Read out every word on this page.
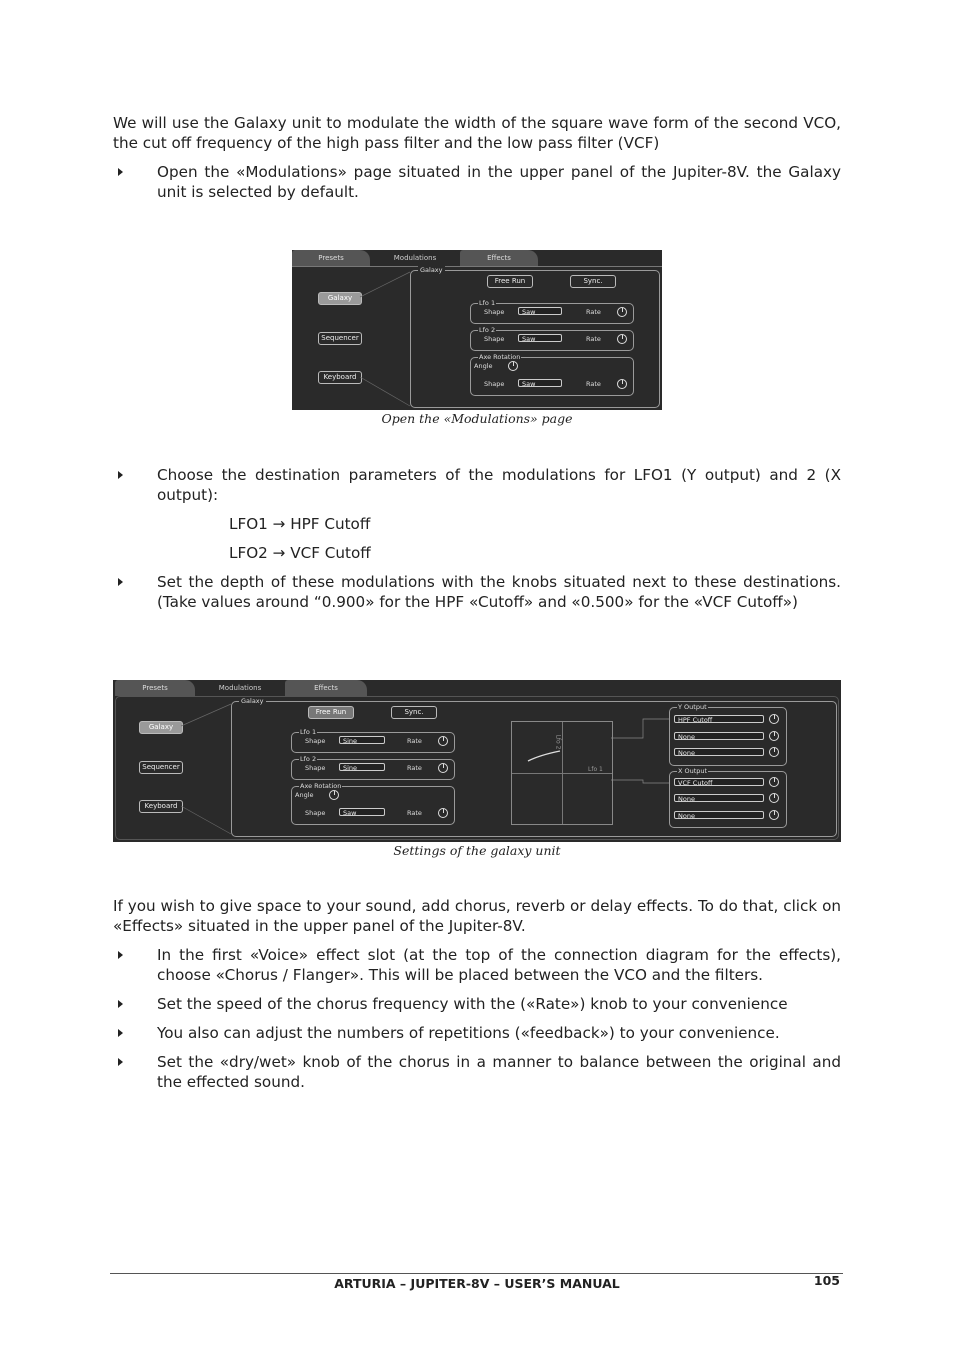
We will use the Galaxy unit to modulate the width of the square wave form of the second VCO, the cut off frequency of the high pass filter and the low pass filter (VCF)
Open the «Modulations» page situated in the upper panel of the Jupiter-8V. the Galaxy unit is selected by default.
Presets	Modulations	Effects
Galaxy
Galaxy
Sequencer
Keyboard
Free Run	Sync.
Lfo 1
Shape	Saw	Rate
Lfo 2
Shape	Saw	Rate
Axe Rotation
Angle
Shape	Saw	Rate
Open the «Modulations» page
Choose the destination parameters of the modulations for LFO1 (Y output) and 2 (X output):
LFO1 → HPF Cutoff
LFO2 → VCF Cutoff
Set the depth of these modulations with the knobs situated next to these destinations. (Take values around “0.900» for the HPF «Cutoff» and «0.500» for the «VCF Cutoff»)
Presets	Modulations	Effects
Galaxy
Galaxy
Sequencer
Keyboard
Free Run	Sync.
Lfo 1
Shape	Sine	Rate
Lfo 2
Shape	Sine	Rate
Axe Rotation
Angle
Shape	Saw	Rate
Lfo 2
Lfo 1
Y Output
HPF Cutoff
None
None
X Output
VCF Cutoff
None
None
Settings of the galaxy unit
If you wish to give space to your sound, add chorus, reverb or delay effects. To do that, click on «Effects» situated in the upper panel of the Jupiter-8V.
In the first «Voice» effect slot (at the top of the connection diagram for the effects), choose «Chorus / Flanger». This will be placed between the VCO and the filters.
Set the speed of the chorus frequency with the («Rate») knob to your convenience
You also can adjust the numbers of repetitions («feedback») to your convenience.
Set the «dry/wet» knob of the chorus in a manner to balance between the original and the effected sound.
ARTURIA – JUPITER-8V – USER’S MANUAL	105
